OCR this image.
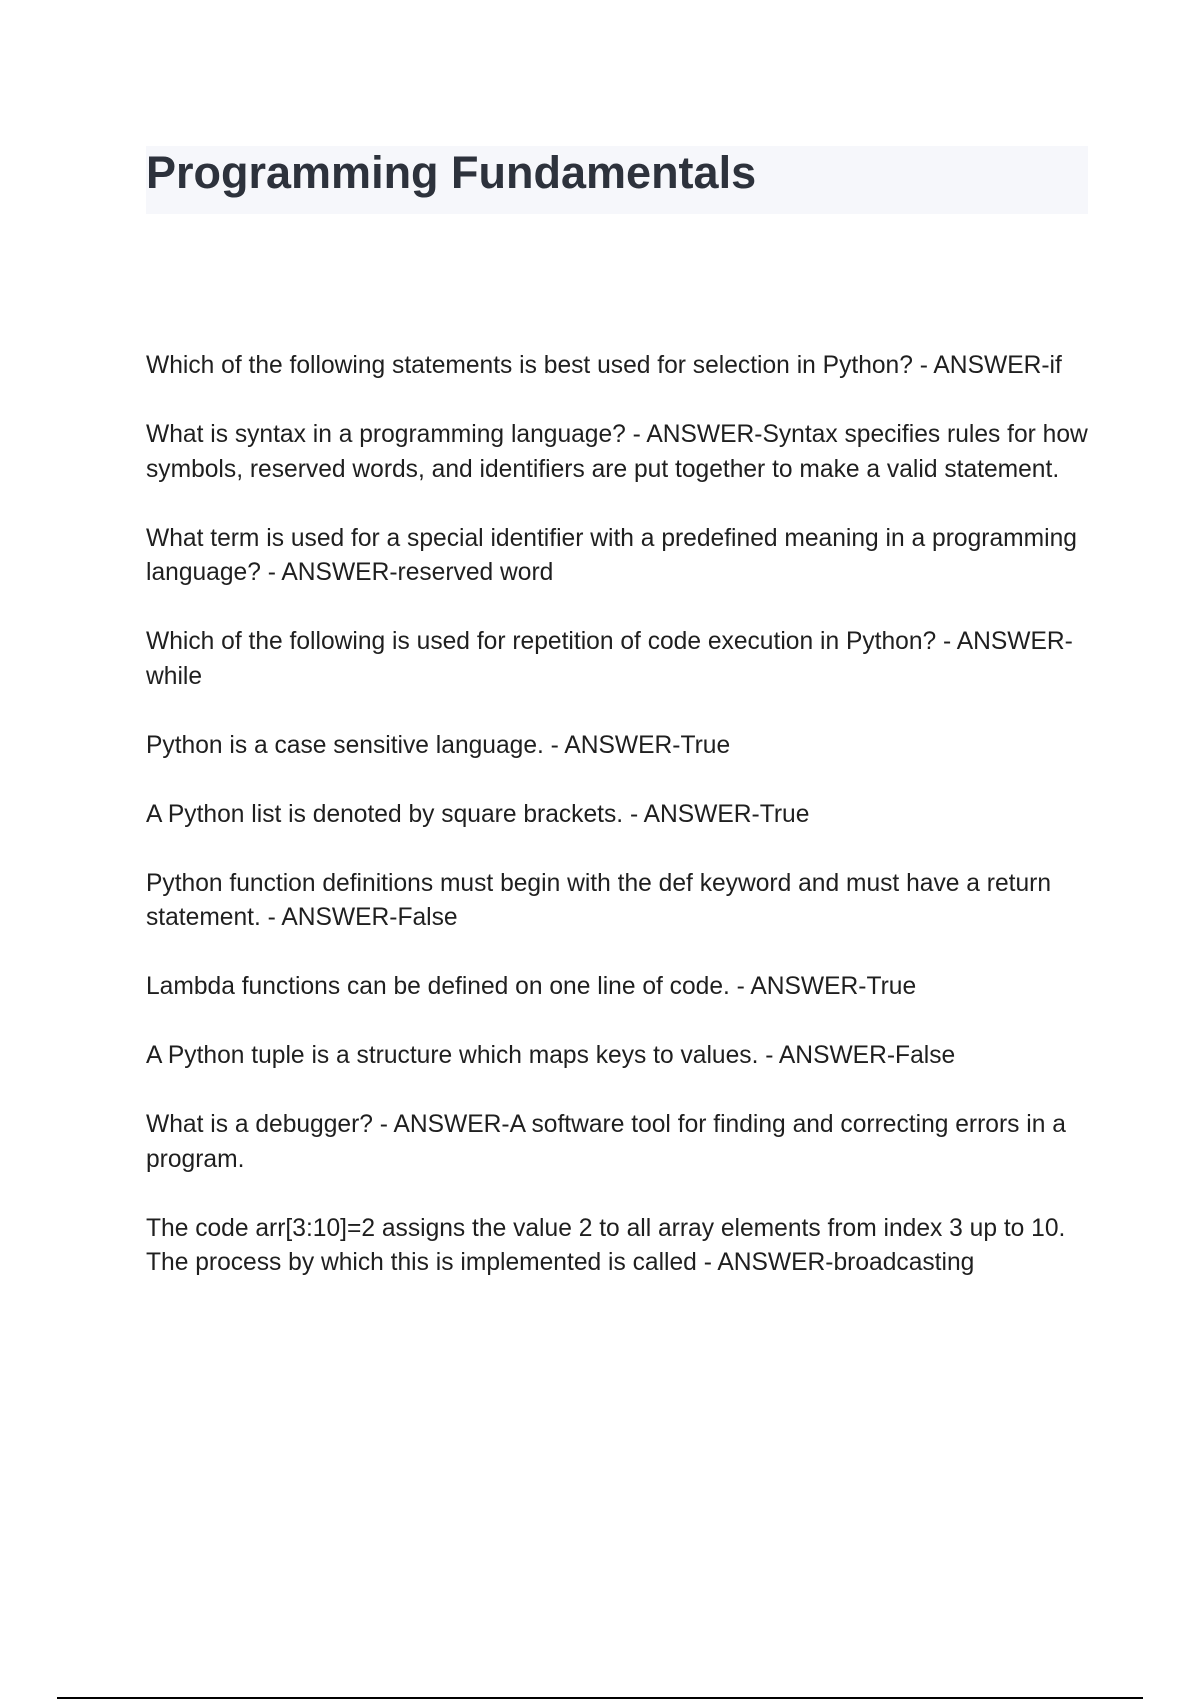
Programming Fundamentals

Which of the following statements is best used for selection in Python? - ANSWER-if

What is syntax in a programming language? - ANSWER-Syntax specifies rules for how symbols, reserved words, and identifiers are put together to make a valid statement.

What term is used for a special identifier with a predefined meaning in a programming language? - ANSWER-reserved word

Which of the following is used for repetition of code execution in Python? - ANSWER-while

Python is a case sensitive language. - ANSWER-True

A Python list is denoted by square brackets. - ANSWER-True

Python function definitions must begin with the def keyword and must have a return statement. - ANSWER-False

Lambda functions can be defined on one line of code. - ANSWER-True

A Python tuple is a structure which maps keys to values. - ANSWER-False

What is a debugger? - ANSWER-A software tool for finding and correcting errors in a program.

The code arr[3:10]=2 assigns the value 2 to all array elements from index 3 up to 10. The process by which this is implemented is called - ANSWER-broadcasting
